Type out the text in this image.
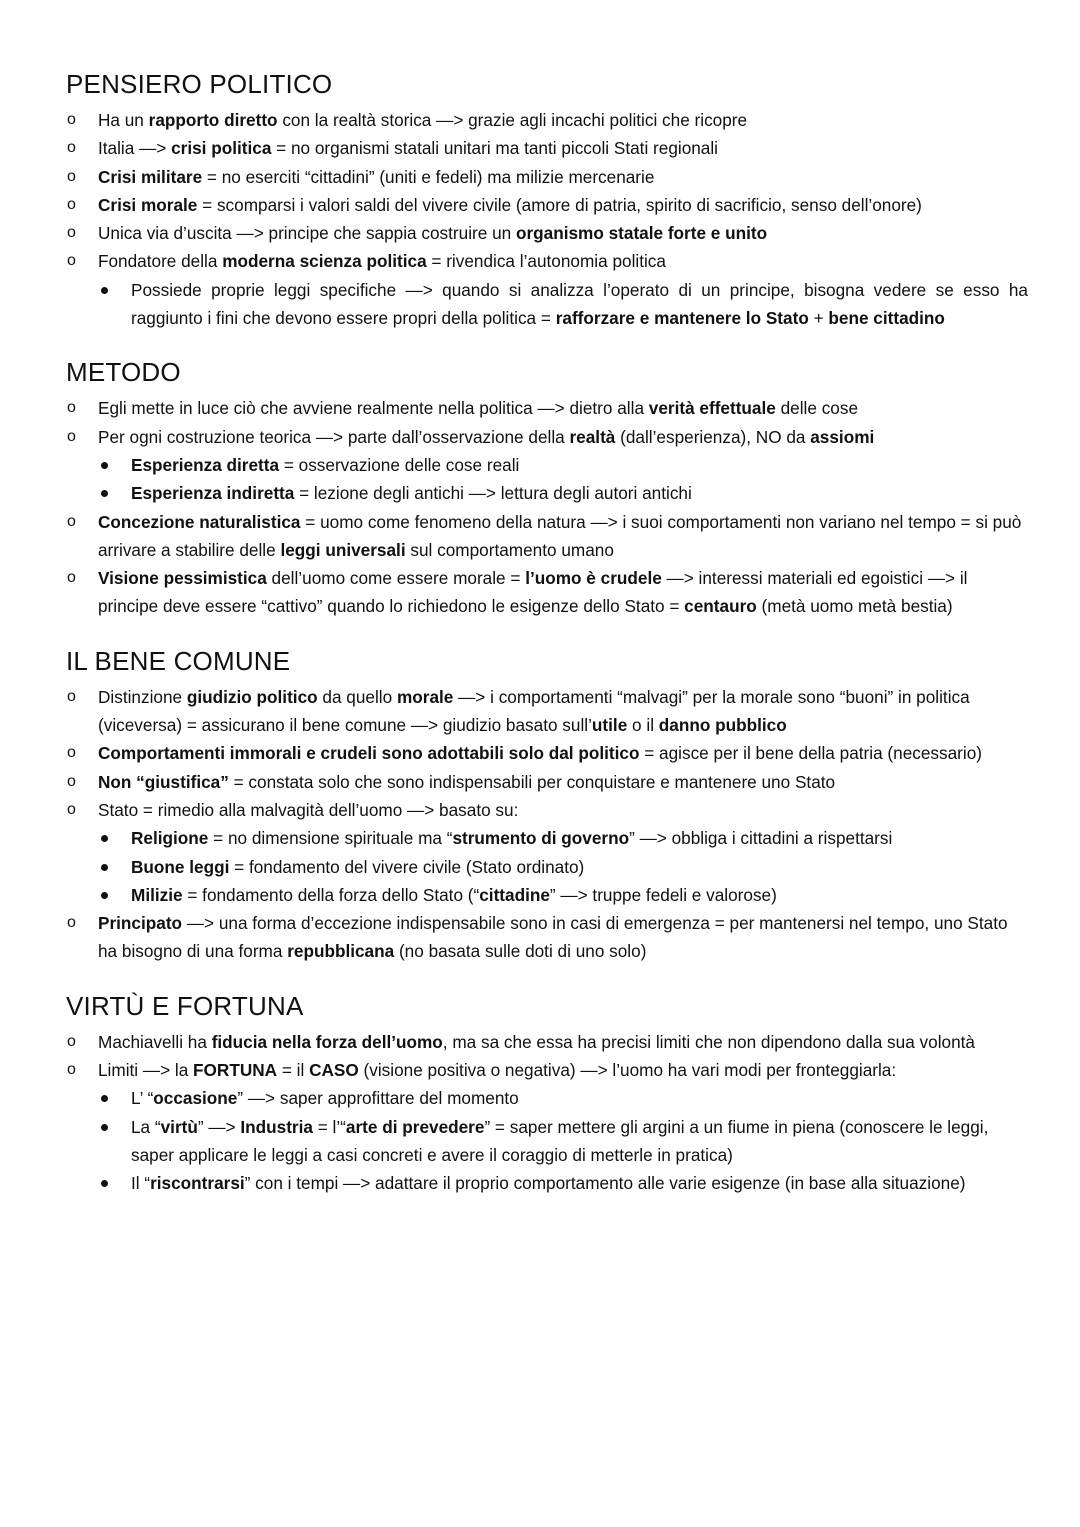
PENSIERO POLITICO
o Ha un rapporto diretto con la realtà storica —> grazie agli incachi politici che ricopre
o Italia —> crisi politica = no organismi statali unitari ma tanti piccoli Stati regionali
o Crisi militare = no eserciti “cittadini” (uniti e fedeli) ma milizie mercenarie
o Crisi morale = scomparsi i valori saldi del vivere civile (amore di patria, spirito di sacrificio, senso dell’onore)
o Unica via d’uscita —> principe che sappia costruire un organismo statale forte e unito
o Fondatore della moderna scienza politica = rivendica l’autonomia politica
Possiede proprie leggi specifiche —> quando si analizza l’operato di un principe, bisogna vedere se esso ha raggiunto i fini che devono essere propri della politica = rafforzare e mantenere lo Stato + bene cittadino
METODO
o Egli mette in luce ciò che avviene realmente nella politica —> dietro alla verità effettuale delle cose
o Per ogni costruzione teorica —> parte dall’osservazione della realtà (dall’esperienza), NO da assiomi
Esperienza diretta = osservazione delle cose reali
Esperienza indiretta = lezione degli antichi —> lettura degli autori antichi
o Concezione naturalistica = uomo come fenomeno della natura —> i suoi comportamenti non variano nel tempo = si può arrivare a stabilire delle leggi universali sul comportamento umano
o Visione pessimistica dell’uomo come essere morale = l’uomo è crudele —> interessi materiali ed egoistici —> il principe deve essere “cattivo” quando lo richiedono le esigenze dello Stato = centauro (metà uomo metà bestia)
IL BENE COMUNE
o Distinzione giudizio politico da quello morale —> i comportamenti “malvagi” per la morale sono “buoni” in politica (viceversa) = assicurano il bene comune —> giudizio basato sull’utile o il danno pubblico
o Comportamenti immorali e crudeli sono adottabili solo dal politico = agisce per il bene della patria (necessario)
o Non “giustifica” = constata solo che sono indispensabili per conquistare e mantenere uno Stato
o Stato = rimedio alla malvagità dell’uomo —> basato su:
Religione = no dimensione spirituale ma “strumento di governo” —> obbliga i cittadini a rispettarsi
Buone leggi = fondamento del vivere civile (Stato ordinato)
Milizie = fondamento della forza dello Stato (“cittadine” —> truppe fedeli e valorose)
o Principato —> una forma d’eccezione indispensabile sono in casi di emergenza = per mantenersi nel tempo, uno Stato ha bisogno di una forma repubblicana (no basata sulle doti di uno solo)
VIRTÙ E FORTUNA
o Machiavelli ha fiducia nella forza dell’uomo, ma sa che essa ha precisi limiti che non dipendono dalla sua volontà
o Limiti —> la FORTUNA = il CASO (visione positiva o negativa) —> l’uomo ha vari modi per fronteggiarla:
L’ “occasione” —> saper approfittare del momento
La “virtù” —> Industria = l’“arte di prevedere” = saper mettere gli argini a un fiume in piena (conoscere le leggi, saper applicare le leggi a casi concreti e avere il coraggio di metterle in pratica)
Il “riscontrarsi” con i tempi —> adattare il proprio comportamento alle varie esigenze (in base alla situazione)
